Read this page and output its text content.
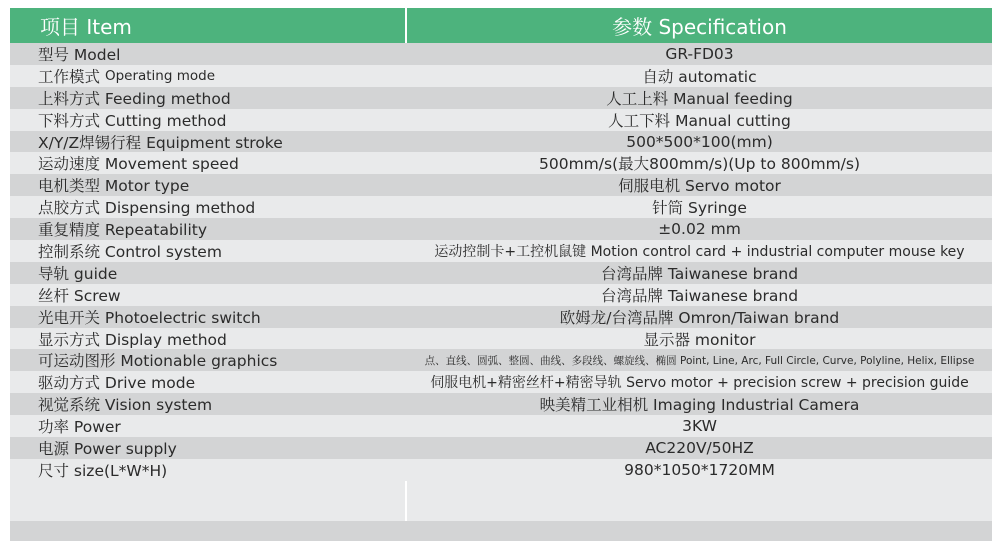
项目 Item	参数 Specification
型号 Model	GR-FD03
工作模式 Operating mode	自动 automatic
上料方式 Feeding method	人工上料 Manual feeding
下料方式 Cutting method	人工下料 Manual cutting
X/Y/Z焊锡行程 Equipment stroke	500*500*100(mm)
运动速度 Movement speed	500mm/s(最大800mm/s)(Up to 800mm/s)
电机类型 Motor type	伺服电机 Servo motor
点胶方式 Dispensing method	针筒 Syringe
重复精度 Repeatability	±0.02 mm
控制系统 Control system	运动控制卡+工控机鼠键 Motion control card + industrial computer mouse key
导轨 guide	台湾品牌 Taiwanese brand
丝杆 Screw	台湾品牌 Taiwanese brand
光电开关 Photoelectric switch	欧姆龙/台湾品牌 Omron/Taiwan brand
显示方式 Display method	显示器 monitor
可运动图形 Motionable graphics	点、直线、圆弧、整圆、曲线、多段线、螺旋线、椭圆 Point, Line, Arc, Full Circle, Curve, Polyline, Helix, Ellipse
驱动方式 Drive mode	伺服电机+精密丝杆+精密导轨 Servo motor + precision screw + precision guide
视觉系统 Vision system	映美精工业相机 Imaging Industrial Camera
功率 Power	3KW
电源 Power supply	AC220V/50HZ
尺寸 size(L*W*H)	980*1050*1720MM
